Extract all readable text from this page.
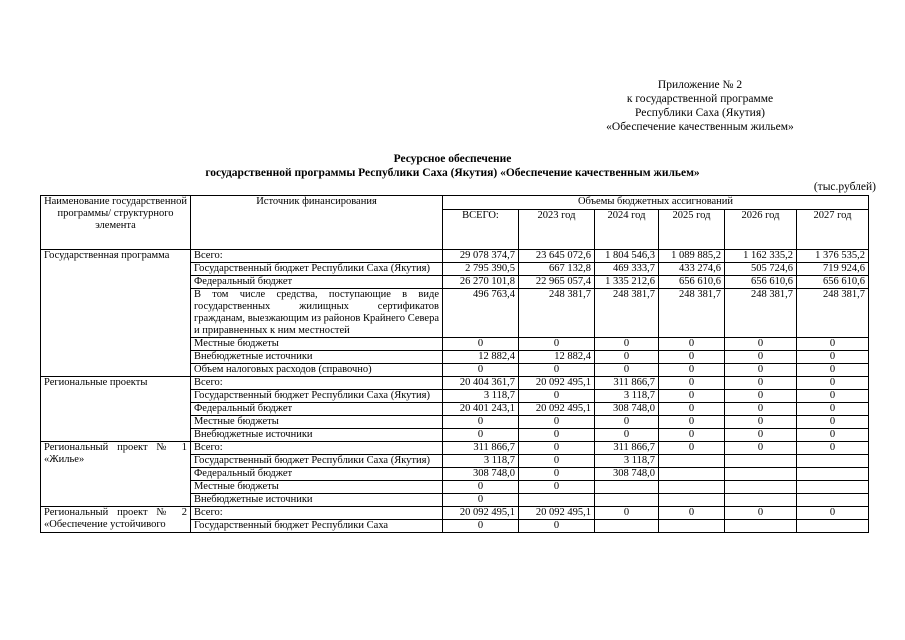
Приложение № 2
к государственной программе
Республики Саха (Якутия)
«Обеспечение качественным жильем»
Ресурсное обеспечение
государственной программы Республики Саха (Якутия) «Обеспечение качественным жильем»
(тыс.рублей)
Наименование государственной программы/ структурного элемента	Источник финансирования	Объемы бюджетных ассигнований					
		ВСЕГО:	2023 год	2024 год	2025 год	2026 год	2027 год
Государственная программа	Всего:	29 078 374,7	23 645 072,6	1 804 546,3	1 089 885,2	1 162 335,2	1 376 535,2
	Государственный бюджет Республики Саха (Якутия)	2 795 390,5	667 132,8	469 333,7	433 274,6	505 724,6	719 924,6
	Федеральный бюджет	26 270 101,8	22 965 057,4	1 335 212,6	656 610,6	656 610,6	656 610,6
	В том числе средства, поступающие в виде государственных жилищных сертификатов гражданам, выезжающим из районов Крайнего Севера и приравненных к ним местностей	496 763,4	248 381,7	248 381,7	248 381,7	248 381,7	248 381,7
	Местные бюджеты	0	0	0	0	0	0
	Внебюджетные источники	12 882,4	12 882,4	0	0	0	0
	Объем налоговых расходов (справочно)	0	0	0	0	0	0
Региональные проекты	Всего:	20 404 361,7	20 092 495,1	311 866,7	0	0	0
	Государственный бюджет Республики Саха (Якутия)	3 118,7	0	3 118,7	0	0	0
	Федеральный бюджет	20 401 243,1	20 092 495,1	308 748,0	0	0	0
	Местные бюджеты	0	0	0	0	0	0
	Внебюджетные источники	0	0	0	0	0	0
Региональный проект № 1 «Жилье»	Всего:	311 866,7	0	311 866,7	0	0	0
	Государственный бюджет Республики Саха (Якутия)	3 118,7	0	3 118,7			
	Федеральный бюджет	308 748,0	0	308 748,0			
	Местные бюджеты	0	0				
	Внебюджетные источники	0					
Региональный проект № 2 «Обеспечение устойчивого	Всего:	20 092 495,1	20 092 495,1	0	0	0	0
	Государственный бюджет Республики Саха	0	0				
